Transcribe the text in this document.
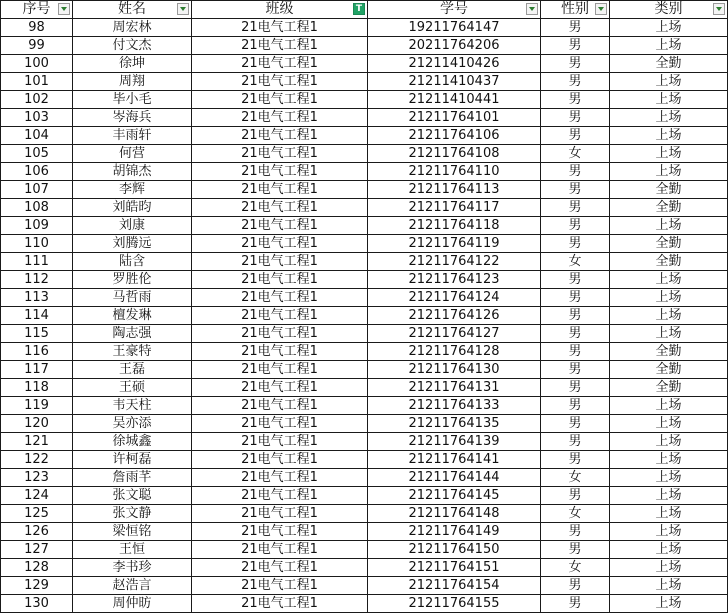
序号	姓名	班级 T	学号	性别	类别

98	周宏林	21电气工程1	19211764147	男	上场
99	付文杰	21电气工程1	20211764206	男	上场
100	徐坤	21电气工程1	21211410426	男	全勤
101	周翔	21电气工程1	21211410437	男	上场
102	毕小毛	21电气工程1	21211410441	男	上场
103	岑海兵	21电气工程1	21211764101	男	上场
104	丰雨轩	21电气工程1	21211764106	男	上场
105	何营	21电气工程1	21211764108	女	上场
106	胡锦杰	21电气工程1	21211764110	男	上场
107	李辉	21电气工程1	21211764113	男	全勤
108	刘皓昀	21电气工程1	21211764117	男	全勤
109	刘康	21电气工程1	21211764118	男	上场
110	刘腾远	21电气工程1	21211764119	男	全勤
111	陆含	21电气工程1	21211764122	女	全勤
112	罗胜伦	21电气工程1	21211764123	男	上场
113	马哲雨	21电气工程1	21211764124	男	上场
114	檀发琳	21电气工程1	21211764126	男	上场
115	陶志强	21电气工程1	21211764127	男	上场
116	王豪特	21电气工程1	21211764128	男	全勤
117	王磊	21电气工程1	21211764130	男	全勤
118	王硕	21电气工程1	21211764131	男	全勤
119	韦天柱	21电气工程1	21211764133	男	上场
120	吴亦添	21电气工程1	21211764135	男	上场
121	徐城鑫	21电气工程1	21211764139	男	上场
122	许柯磊	21电气工程1	21211764141	男	上场
123	詹雨芊	21电气工程1	21211764144	女	上场
124	张文聪	21电气工程1	21211764145	男	上场
125	张文静	21电气工程1	21211764148	女	上场
126	梁恒铭	21电气工程1	21211764149	男	上场
127	王恒	21电气工程1	21211764150	男	上场
128	李书珍	21电气工程1	21211764151	女	上场
129	赵浩言	21电气工程1	21211764154	男	上场
130	周仲昉	21电气工程1	21211764155	男	上场
